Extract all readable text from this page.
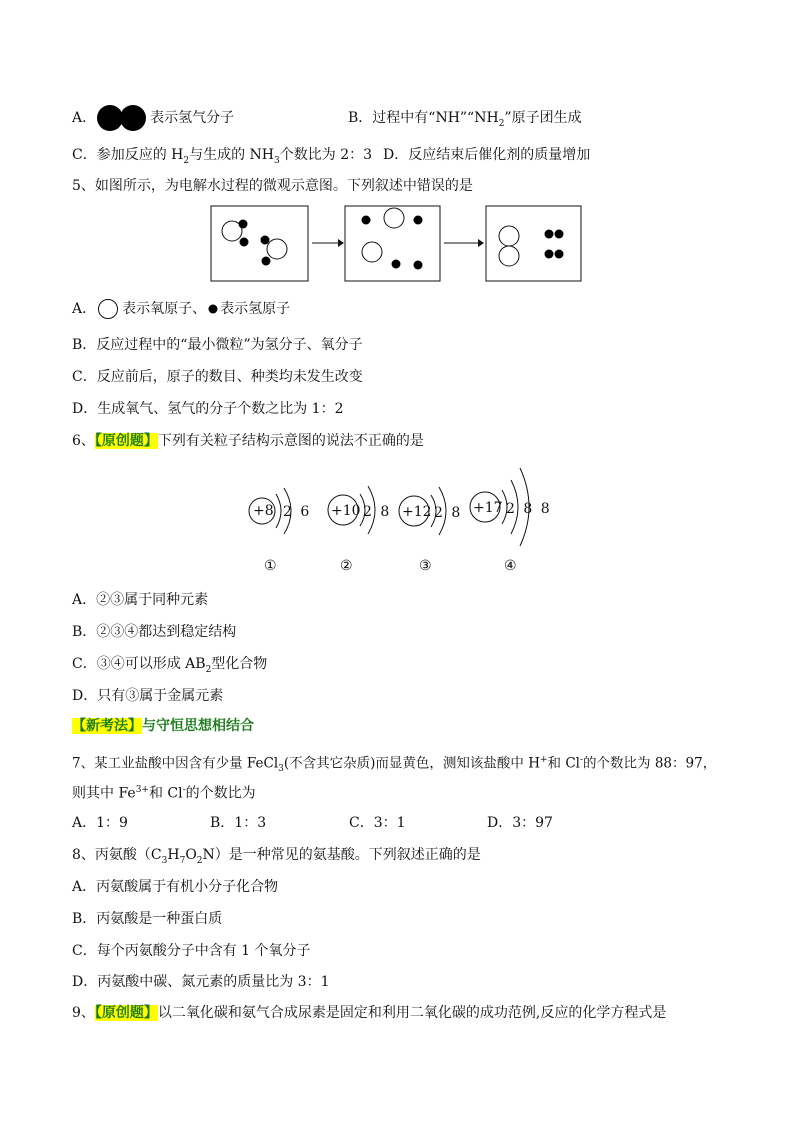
A．	表示氢气分子	B．过程中有“$NH”“NH_2$”原子团生成
C．参加反应的 $H_2$与生成的 $NH_3$个数比为 2：3 D．反应结束后催化剂的质量增加
5、如图所示，为电解水过程的微观示意图。下列叙述中错误的是
A． 表示氧原子、 表示氢原子
B．反应过程中的“最小微粒”为氢分子、氧分子
C．反应前后，原子的数目、种类均未发生改变
D．生成氧气、氢气的分子个数之比为 1：2
6、【原创题】下列有关粒子结构示意图的说法不正确的是
+8 2 6
①
+10 2 8
②
+12 2 8
③
+17 2 8 8
④
A．②③属于同种元素
B．②③④都达到稳定结构
C．③④可以形成 $AB_2$型化合物
D．只有③属于金属元素
【新考法】与守恒思想相结合
7、某工业盐酸中因含有少量 FeCl$_3$(不含其它杂质)而显黄色，测知该盐酸中 H+和 Cl-的个数比为 88：97，
则其中 $Fe^{3+}$和 Cl-的个数比为
A．1：9	B．1：3	C．3：1	D．3：97
8、丙氨酸$(C_3H_7O_2N)$是一种常见的氨基酸。下列叙述正确的是
A．丙氨酸属于有机小分子化合物
B．丙氨酸是一种蛋白质
C．每个丙氨酸分子中含有 1 个氧分子
D．丙氨酸中碳、氮元素的质量比为 3：1
9、【原创题】以二氧化碳和氨气合成尿素是固定和利用二氧化碳的成功范例,反应的化学方程式是
